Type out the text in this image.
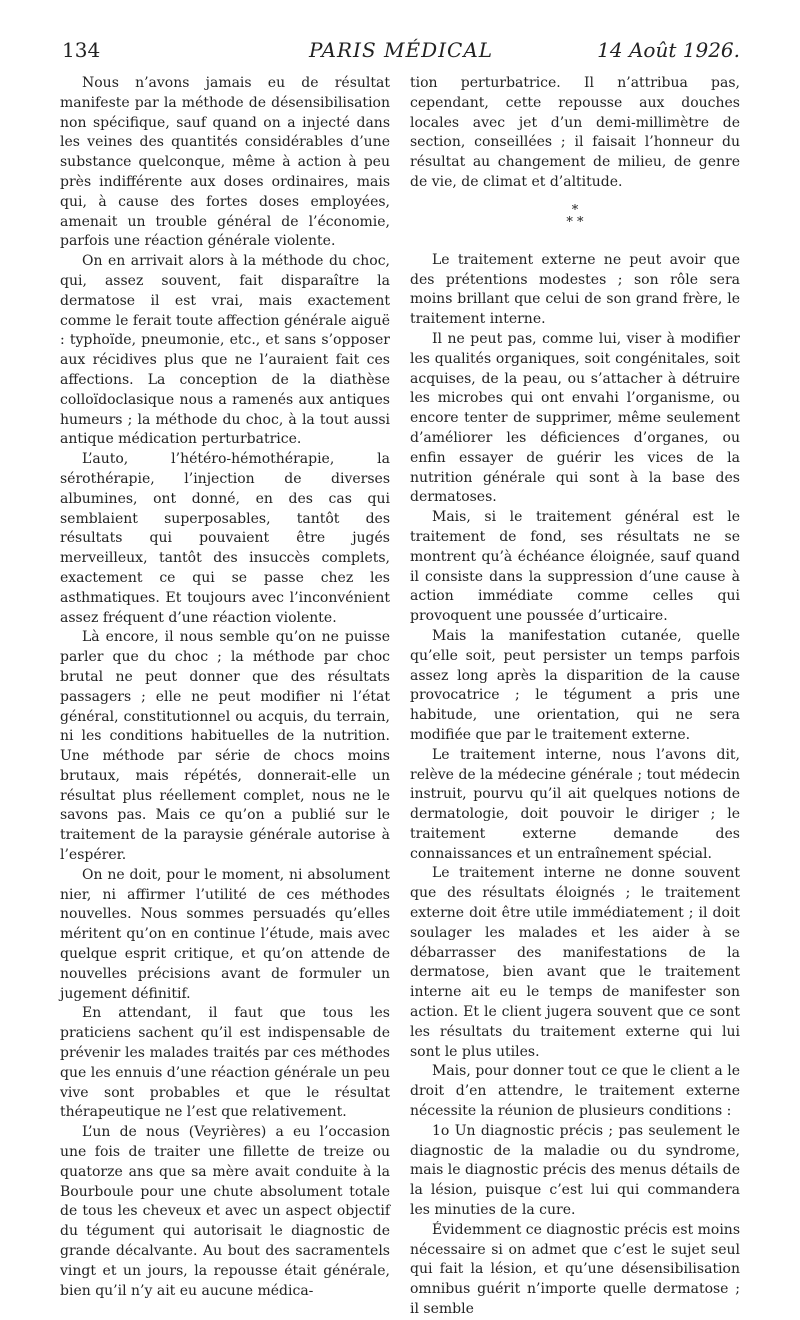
134	PARIS MÉDICAL	14 Août 1926.

Nous n’avons jamais eu de résultat manifeste par la méthode de désensibilisation non spécifique, sauf quand on a injecté dans les veines des quantités considérables d’une substance quelconque, même à action à peu près indifférente aux doses ordinaires, mais qui, à cause des fortes doses employées, amenait un trouble général de l’économie, parfois une réaction générale violente.

On en arrivait alors à la méthode du choc, qui, assez souvent, fait disparaître la dermatose il est vrai, mais exactement comme le ferait toute affection générale aiguë : typhoïde, pneumonie, etc., et sans s’opposer aux récidives plus que ne l’auraient fait ces affections. La conception de la diathèse colloïdoclasique nous a ramenés aux antiques humeurs ; la méthode du choc, à la tout aussi antique médication perturbatrice.

L’auto, l’hétéro-hémothérapie, la sérothérapie, l’injection de diverses albumines, ont donné, en des cas qui semblaient superposables, tantôt des résultats qui pouvaient être jugés merveilleux, tantôt des insuccès complets, exactement ce qui se passe chez les asthmatiques. Et toujours avec l’inconvénient assez fréquent d’une réaction violente.

Là encore, il nous semble qu’on ne puisse parler que du choc ; la méthode par choc brutal ne peut donner que des résultats passagers ; elle ne peut modifier ni l’état général, constitutionnel ou acquis, du terrain, ni les conditions habituelles de la nutrition. Une méthode par série de chocs moins brutaux, mais répétés, donnerait-elle un résultat plus réellement complet, nous ne le savons pas. Mais ce qu’on a publié sur le traitement de la paraysie générale autorise à l’espérer.

On ne doit, pour le moment, ni absolument nier, ni affirmer l’utilité de ces méthodes nouvelles. Nous sommes persuadés qu’elles méritent qu’on en continue l’étude, mais avec quelque esprit critique, et qu’on attende de nouvelles précisions avant de formuler un jugement définitif.

En attendant, il faut que tous les praticiens sachent qu’il est indispensable de prévenir les malades traités par ces méthodes que les ennuis d’une réaction générale un peu vive sont probables et que le résultat thérapeutique ne l’est que relativement.

L’un de nous (Veyrières) a eu l’occasion une fois de traiter une fillette de treize ou quatorze ans que sa mère avait conduite à la Bourboule pour une chute absolument totale de tous les cheveux et avec un aspect objectif du tégument qui autorisait le diagnostic de grande décalvante. Au bout des sacramentels vingt et un jours, la repousse était générale, bien qu’il n’y ait eu aucune médica-

tion perturbatrice. Il n’attribua pas, cependant, cette repousse aux douches locales avec jet d’un demi-millimètre de section, conseillées ; il faisait l’honneur du résultat au changement de milieu, de genre de vie, de climat et d’altitude.

*
* *

Le traitement externe ne peut avoir que des prétentions modestes ; son rôle sera moins brillant que celui de son grand frère, le traitement interne.

Il ne peut pas, comme lui, viser à modifier les qualités organiques, soit congénitales, soit acquises, de la peau, ou s’attacher à détruire les microbes qui ont envahi l’organisme, ou encore tenter de supprimer, même seulement d’améliorer les déficiences d’organes, ou enfin essayer de guérir les vices de la nutrition générale qui sont à la base des dermatoses.

Mais, si le traitement général est le traitement de fond, ses résultats ne se montrent qu’à échéance éloignée, sauf quand il consiste dans la suppression d’une cause à action immédiate comme celles qui provoquent une poussée d’urticaire.

Mais la manifestation cutanée, quelle qu’elle soit, peut persister un temps parfois assez long après la disparition de la cause provocatrice ; le tégument a pris une habitude, une orientation, qui ne sera modifiée que par le traitement externe.

Le traitement interne, nous l’avons dit, relève de la médecine générale ; tout médecin instruit, pourvu qu’il ait quelques notions de dermatologie, doit pouvoir le diriger ; le traitement externe demande des connaissances et un entraînement spécial.

Le traitement interne ne donne souvent que des résultats éloignés ; le traitement externe doit être utile immédiatement ; il doit soulager les malades et les aider à se débarrasser des manifestations de la dermatose, bien avant que le traitement interne ait eu le temps de manifester son action. Et le client jugera souvent que ce sont les résultats du traitement externe qui lui sont le plus utiles.

Mais, pour donner tout ce que le client a le droit d’en attendre, le traitement externe nécessite la réunion de plusieurs conditions :

1o Un diagnostic précis ; pas seulement le diagnostic de la maladie ou du syndrome, mais le diagnostic précis des menus détails de la lésion, puisque c’est lui qui commandera les minuties de la cure.

Évidemment ce diagnostic précis est moins nécessaire si on admet que c’est le sujet seul qui fait la lésion, et qu’une désensibilisation omnibus guérit n’importe quelle dermatose ; il semble
